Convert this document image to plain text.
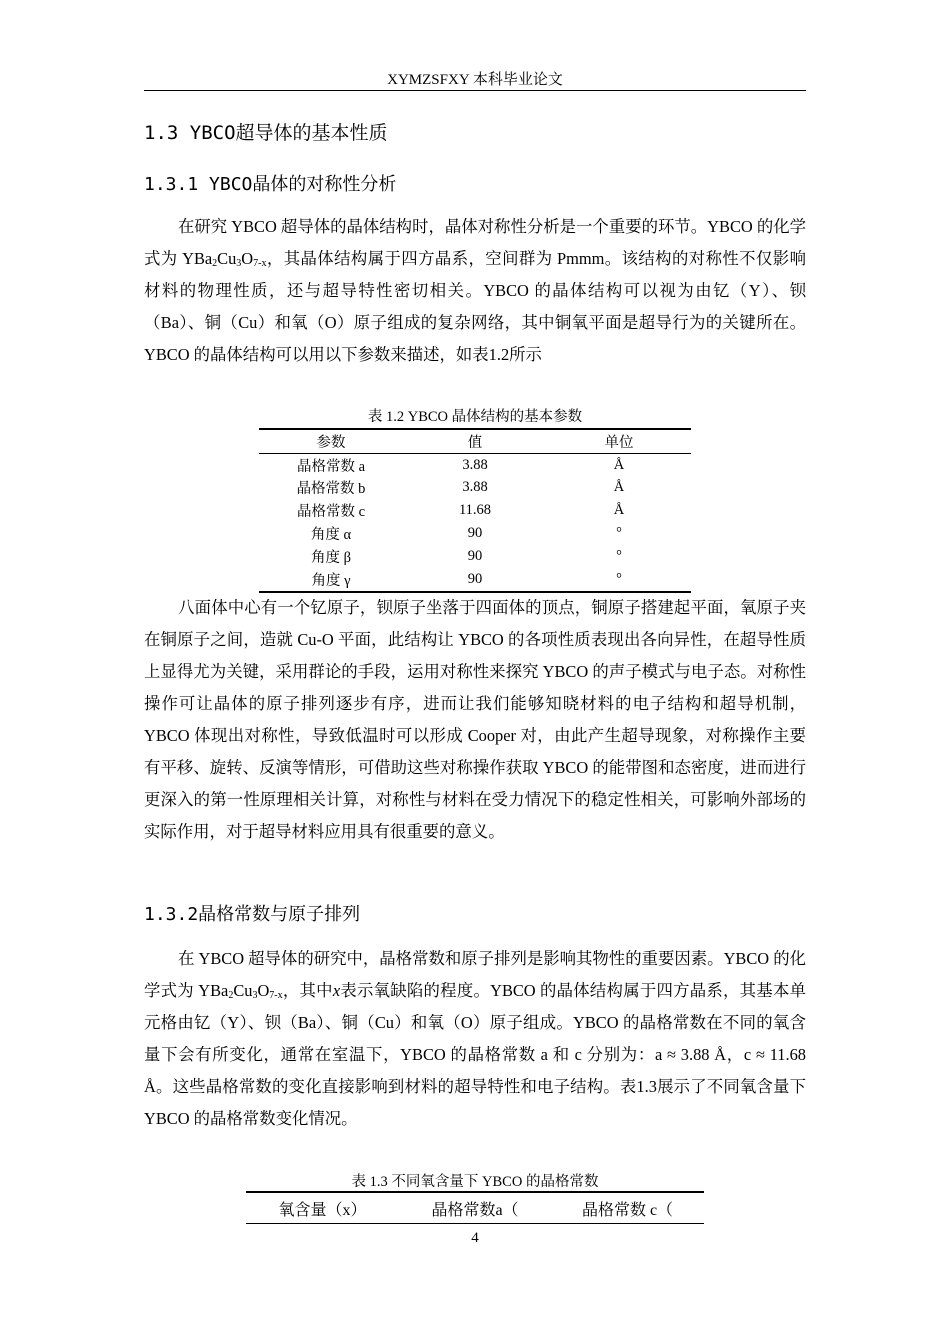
XYMZSFXY 本科毕业论文
1.3 YBCO超导体的基本性质
1.3.1 YBCO晶体的对称性分析

在研究 YBCO 超导体的晶体结构时，晶体对称性分析是一个重要的环节。YBCO 的化学式为 $YBa_2Cu_3O_{7-x}$，其晶体结构属于四方晶系，空间群为 Pmmm。该结构的对称性不仅影响材料的物理性质，还与超导特性密切相关。YBCO 的晶体结构可以视为由钇（Y）、钡（Ba）、铜（Cu）和氧（O）原子组成的复杂网络，其中铜氧平面是超导行为的关键所在。YBCO 的晶体结构可以用以下参数来描述，如表1.2所示

表 1.2 YBCO 晶体结构的基本参数
参数	值	单位
晶格常数 a	3.88	Å
晶格常数 b	3.88	Å
晶格常数 c	11.68	Å
角度 α	90	°
角度 β	90	°
角度 γ	90	°

八面体中心有一个钇原子，钡原子坐落于四面体的顶点，铜原子搭建起平面，氧原子夹在铜原子之间，造就 Cu-O 平面，此结构让 YBCO 的各项性质表现出各向异性，在超导性质上显得尤为关键，采用群论的手段，运用对称性来探究 YBCO 的声子模式与电子态。对称性操作可让晶体的原子排列逐步有序，进而让我们能够知晓材料的电子结构和超导机制，YBCO 体现出对称性，导致低温时可以形成 Cooper 对，由此产生超导现象，对称操作主要有平移、旋转、反演等情形，可借助这些对称操作获取 YBCO 的能带图和态密度，进而进行更深入的第一性原理相关计算，对称性与材料在受力情况下的稳定性相关，可影响外部场的实际作用，对于超导材料应用具有很重要的意义。

1.3.2晶格常数与原子排列

在 YBCO 超导体的研究中，晶格常数和原子排列是影响其物性的重要因素。YBCO 的化学式为 $YBa_2Cu_3O_{7-x}$，其中x表示氧缺陷的程度。YBCO 的晶体结构属于四方晶系，其基本单元格由钇（Y）、钡（Ba）、铜（Cu）和氧（O）原子组成。YBCO 的晶格常数在不同的氧含量下会有所变化，通常在室温下，YBCO 的晶格常数 a 和 c 分别为：a ≈ 3.88 Å，c ≈ 11.68 Å。这些晶格常数的变化直接影响到材料的超导特性和电子结构。表1.3展示了不同氧含量下 YBCO 的晶格常数变化情况。

表 1.3 不同氧含量下 YBCO 的晶格常数
氧含量（x）	晶格常数a（	晶格常数 c（
4
